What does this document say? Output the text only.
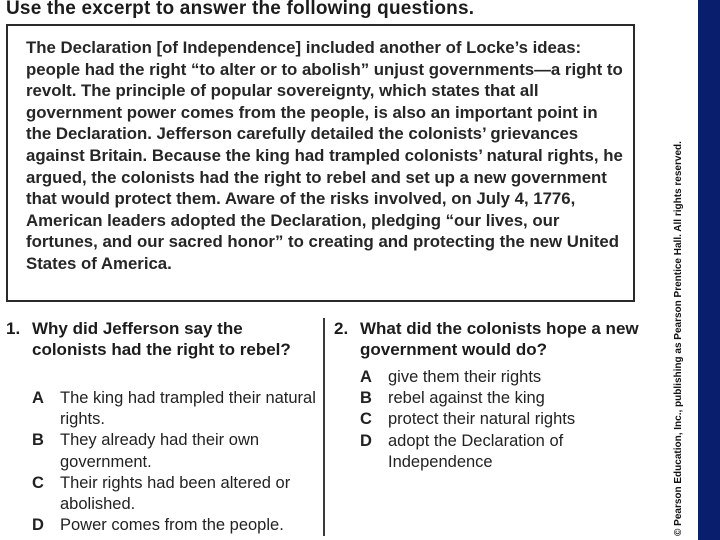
© Pearson Education, Inc., publishing as Pearson Prentice Hall. All rights reserved.
Use the excerpt to answer the following questions.

The Declaration [of Independence] included another of Locke’s ideas: people had the right “to alter or to abolish” unjust governments—a right to revolt. The principle of popular sovereignty, which states that all government power comes from the people, is also an important point in the Declaration. Jefferson carefully detailed the colonists’ grievances against Britain. Because the king had trampled colonists’ natural rights, he argued, the colonists had the right to rebel and set up a new government that would protect them. Aware of the risks involved, on July 4, 1776, American leaders adopted the Declaration, pledging “our lives, our fortunes, and our sacred honor” to creating and protecting the new United States of America.

1. Why did Jefferson say the colonists had the right to rebel?
A The king had trampled their natural rights.
B They already had their own government.
C Their rights had been altered or abolished.
D Power comes from the people.
2. What did the colonists hope a new government would do?
A give them their rights
B rebel against the king
C protect their natural rights
D adopt the Declaration of Independence
